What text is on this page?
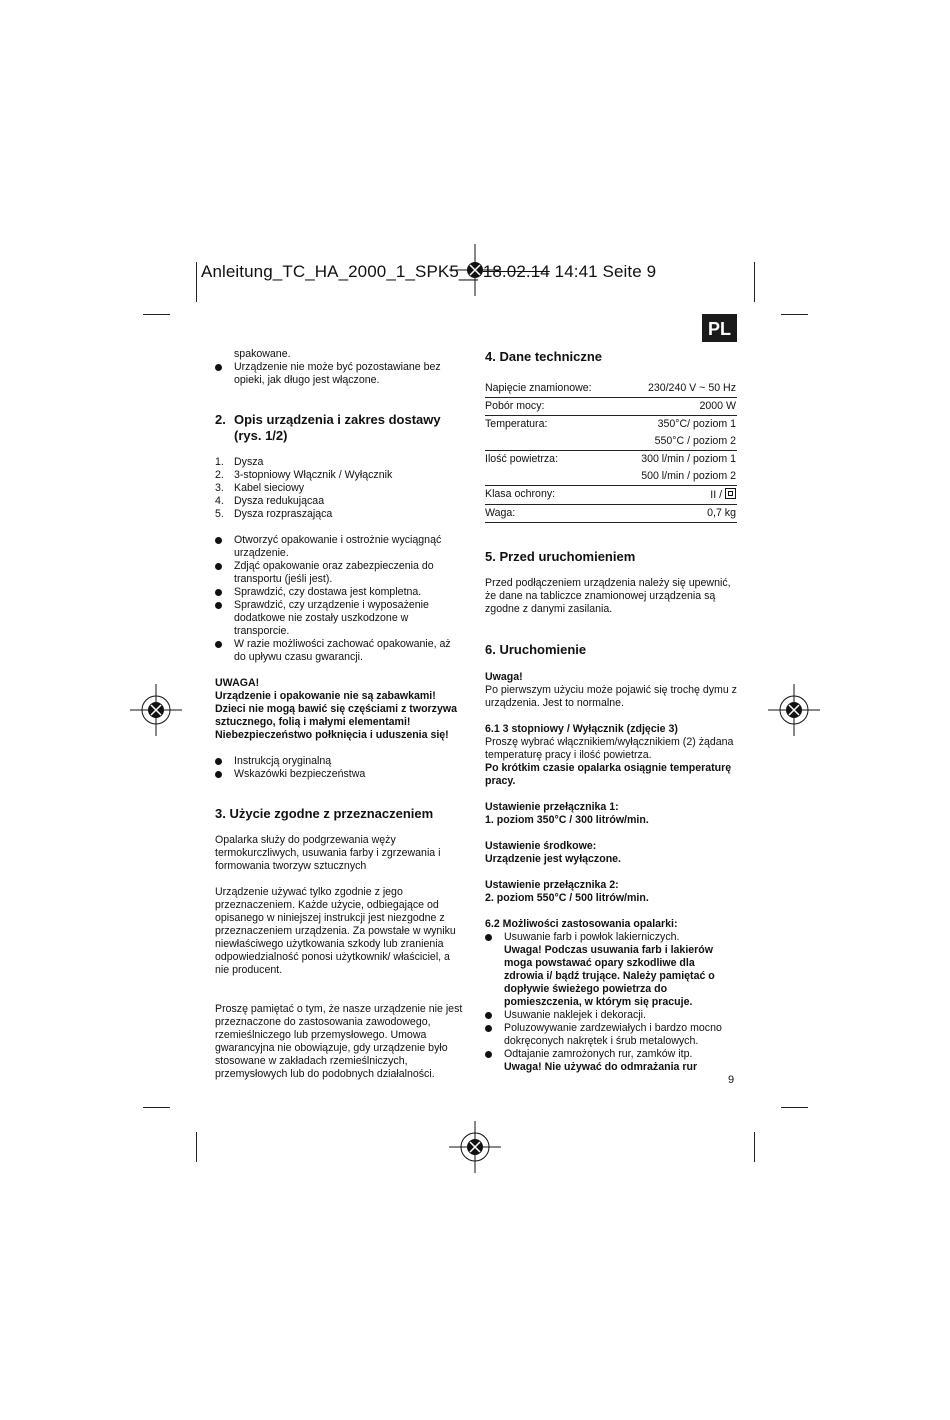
Anleitung_TC_HA_2000_1_SPK5__ 18.02.14 14:41 Seite 9
PL

spakowane.

Urządzenie nie może być pozostawiane bez opieki, jak długo jest włączone.
2. Opis urządzenia i zakres dostawy (rys. 1/2)
1. Dysza
2. 3-stopniowy Włącznik / Wyłącznik
3. Kabel sieciowy
4. Dysza redukującaa
5. Dysza rozpraszająca
Otworzyć opakowanie i ostrożnie wyciągnąć urządzenie.
Zdjąć opakowanie oraz zabezpieczenia do transportu (jeśli jest).
Sprawdzić, czy dostawa jest kompletna.
Sprawdzić, czy urządzenie i wyposażenie dodatkowe nie zostały uszkodzone w transporcie.
W razie możliwości zachować opakowanie, aż do upływu czasu gwarancji.

UWAGA!

Urządzenie i opakowanie nie są zabawkami! Dzieci nie mogą bawić się częściami z tworzywa sztucznego, folią i małymi elementami! Niebezpieczeństwo połknięcia i uduszenia się!

Instrukcją oryginalną
Wskazówki bezpieczeństwa
3. Użycie zgodne z przeznaczeniem

Opalarka służy do podgrzewania węży termokurczliwych, usuwania farby i zgrzewania i formowania tworzyw sztucznych

Urządzenie używać tylko zgodnie z jego przeznaczeniem. Każde użycie, odbiegające od opisanego w niniejszej instrukcji jest niezgodne z przeznaczeniem urządzenia. Za powstałe w wyniku niewłaściwego użytkowania szkody lub zranienia odpowiedzialność ponosi użytkownik/ właściciel, a nie producent.

Proszę pamiętać o tym, że nasze urządzenie nie jest przeznaczone do zastosowania zawodowego, rzemieślniczego lub przemysłowego. Umowa gwarancyjna nie obowiązuje, gdy urządzenie było stosowane w zakładach rzemieślniczych, przemysłowych lub do podobnych działalności.

4. Dane techniczne
Napięcie znamionowe:	230/240 V ~ 50 Hz
Pobór mocy:	2000 W
Temperatura:	350°C/ poziom 1
	550°C / poziom 2
Ilość powietrza:	300 l/min / poziom 1
	500 l/min / poziom 2
Klasa ochrony:	II /
Waga:	0,7 kg
5. Przed uruchomieniem

Przed podłączeniem urządzenia należy się upewnić, że dane na tabliczce znamionowej urządzenia są zgodne z danymi zasilania.

6. Uruchomienie

Uwaga!

Po pierwszym użyciu może pojawić się trochę dymu z urządzenia. Jest to normalne.

6.1 3 stopniowy / Wyłącznik (zdjęcie 3)

Proszę wybrać włącznikiem/wyłącznikiem (2) żądana temperaturę pracy i ilość powietrza.

Po krótkim czasie opalarka osiągnie temperaturę pracy.

Ustawienie przełącznika 1:

1. poziom 350°C / 300 litrów/min.

Ustawienie środkowe:

Urządzenie jest wyłączone.

Ustawienie przełącznika 2:

2. poziom 550°C / 500 litrów/min.

6.2 Możliwości zastosowania opalarki:

Usuwanie farb i powłok lakierniczych.
Uwaga! Podczas usuwania farb i lakierów moga powstawać opary szkodliwe dla zdrowia i/ bądź trujące. Należy pamiętać o dopływie świeżego powietrza do pomieszczenia, w którym się pracuje.
Usuwanie naklejek i dekoracji.
Poluzowywanie zardzewiałych i bardzo mocno dokręconych nakrętek i śrub metalowych.
Odtajanie zamrożonych rur, zamków itp.
Uwaga! Nie używać do odmrażania rur
9
